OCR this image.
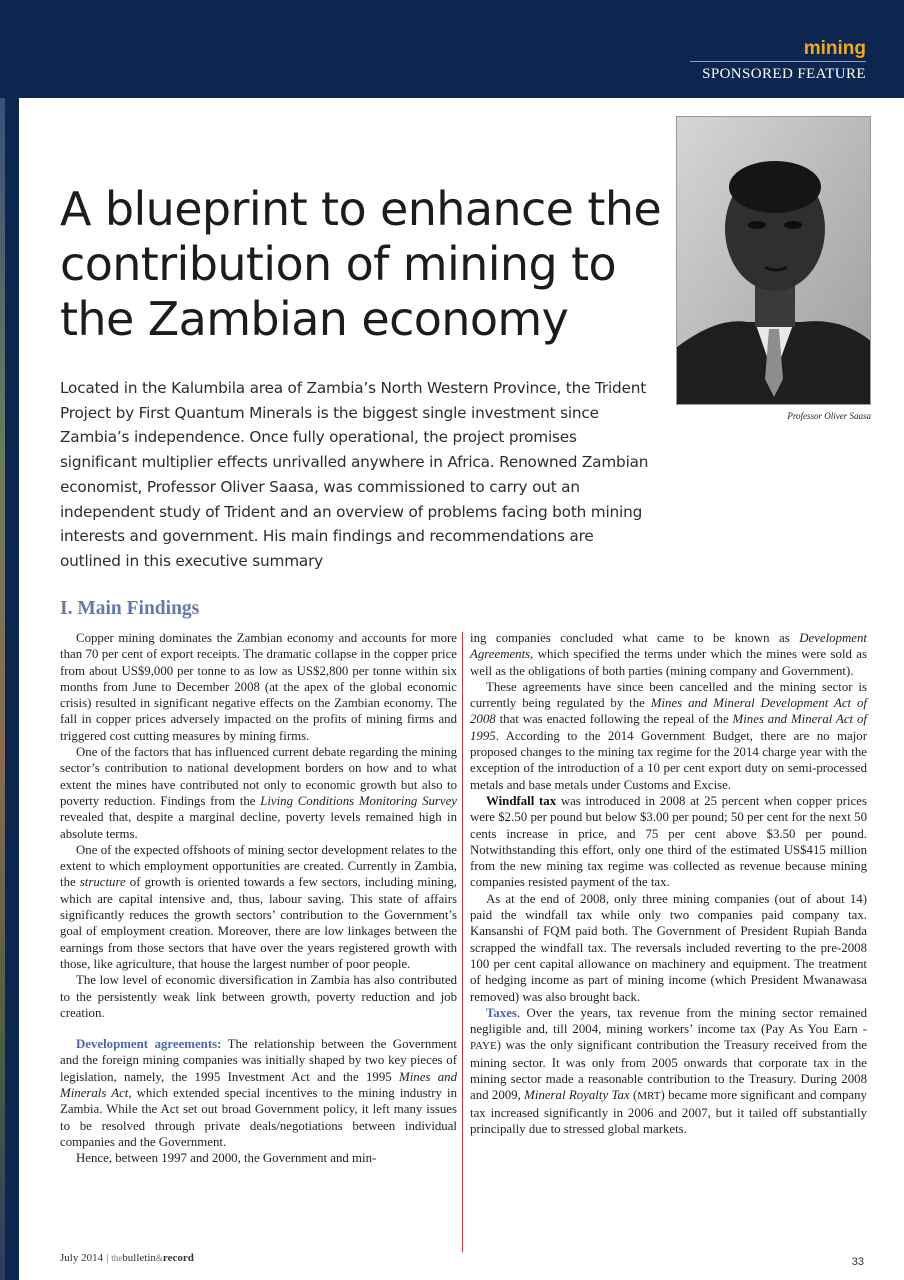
mining
SPONSORED FEATURE
Professor Oliver Saasa
A blueprint to enhance the contribution of mining to the Zambian economy
Located in the Kalumbila area of Zambia’s North Western Province, the Trident Project by First Quantum Minerals is the biggest single investment since Zambia’s independence. Once fully operational, the project promises significant multiplier effects unrivalled anywhere in Africa. Renowned Zambian economist, Professor Oliver Saasa, was commissioned to carry out an independent study of Trident and an overview of problems facing both mining interests and government. His main findings and recommendations are outlined in this executive summary
I. Main Findings

Copper mining dominates the Zambian economy and accounts for more than 70 per cent of export receipts. The dramatic collapse in the copper price from about US$9,000 per tonne to as low as US$2,800 per tonne within six months from June to December 2008 (at the apex of the global economic crisis) resulted in significant negative effects on the Zambian economy. The fall in copper prices adversely impacted on the profits of mining firms and triggered cost cutting measures by mining firms.

One of the factors that has influenced current debate regarding the mining sector’s contribution to national development borders on how and to what extent the mines have contributed not only to economic growth but also to poverty reduction. Findings from the Living Conditions Monitoring Survey revealed that, despite a marginal decline, poverty levels remained high in absolute terms.

One of the expected offshoots of mining sector development relates to the extent to which employment opportunities are created. Currently in Zambia, the structure of growth is oriented towards a few sectors, including mining, which are capital intensive and, thus, labour saving. This state of affairs significantly reduces the growth sectors’ contribution to the Government’s goal of employment creation. Moreover, there are low linkages between the earnings from those sectors that have over the years registered growth with those, like agriculture, that house the largest number of poor people.

The low level of economic diversification in Zambia has also contributed to the persistently weak link between growth, poverty reduction and job creation.

Development agreements: The relationship between the Government and the foreign mining companies was initially shaped by two key pieces of legislation, namely, the 1995 Investment Act and the 1995 Mines and Minerals Act, which extended special incentives to the mining industry in Zambia. While the Act set out broad Government policy, it left many issues to be resolved through private deals/negotiations between individual companies and the Government.

Hence, between 1997 and 2000, the Government and min-

ing companies concluded what came to be known as Development Agreements, which specified the terms under which the mines were sold as well as the obligations of both parties (mining company and Government).

These agreements have since been cancelled and the mining sector is currently being regulated by the Mines and Mineral Development Act of 2008 that was enacted following the repeal of the Mines and Mineral Act of 1995. According to the 2014 Government Budget, there are no major proposed changes to the mining tax regime for the 2014 charge year with the exception of the introduction of a 10 per cent export duty on semi-processed metals and base metals under Customs and Excise.

Windfall tax was introduced in 2008 at 25 percent when copper prices were $2.50 per pound but below $3.00 per pound; 50 per cent for the next 50 cents increase in price, and 75 per cent above $3.50 per pound. Notwithstanding this effort, only one third of the estimated US$415 million from the new mining tax regime was collected as revenue because mining companies resisted payment of the tax.

As at the end of 2008, only three mining companies (out of about 14) paid the windfall tax while only two companies paid company tax. Kansanshi of FQM paid both. The Government of President Rupiah Banda scrapped the windfall tax. The reversals included reverting to the pre-2008 100 per cent capital allowance on machinery and equipment. The treatment of hedging income as part of mining income (which President Mwanawasa removed) was also brought back.

Taxes. Over the years, tax revenue from the mining sector remained negligible and, till 2004, mining workers’ income tax (Pay As You Earn - PAYE) was the only significant contribution the Treasury received from the mining sector. It was only from 2005 onwards that corporate tax in the mining sector made a reasonable contribution to the Treasury. During 2008 and 2009, Mineral Royalty Tax (MRT) became more significant and company tax increased significantly in 2006 and 2007, but it tailed off substantially principally due to stressed global markets.

July 2014 | thebulletin&record	33
